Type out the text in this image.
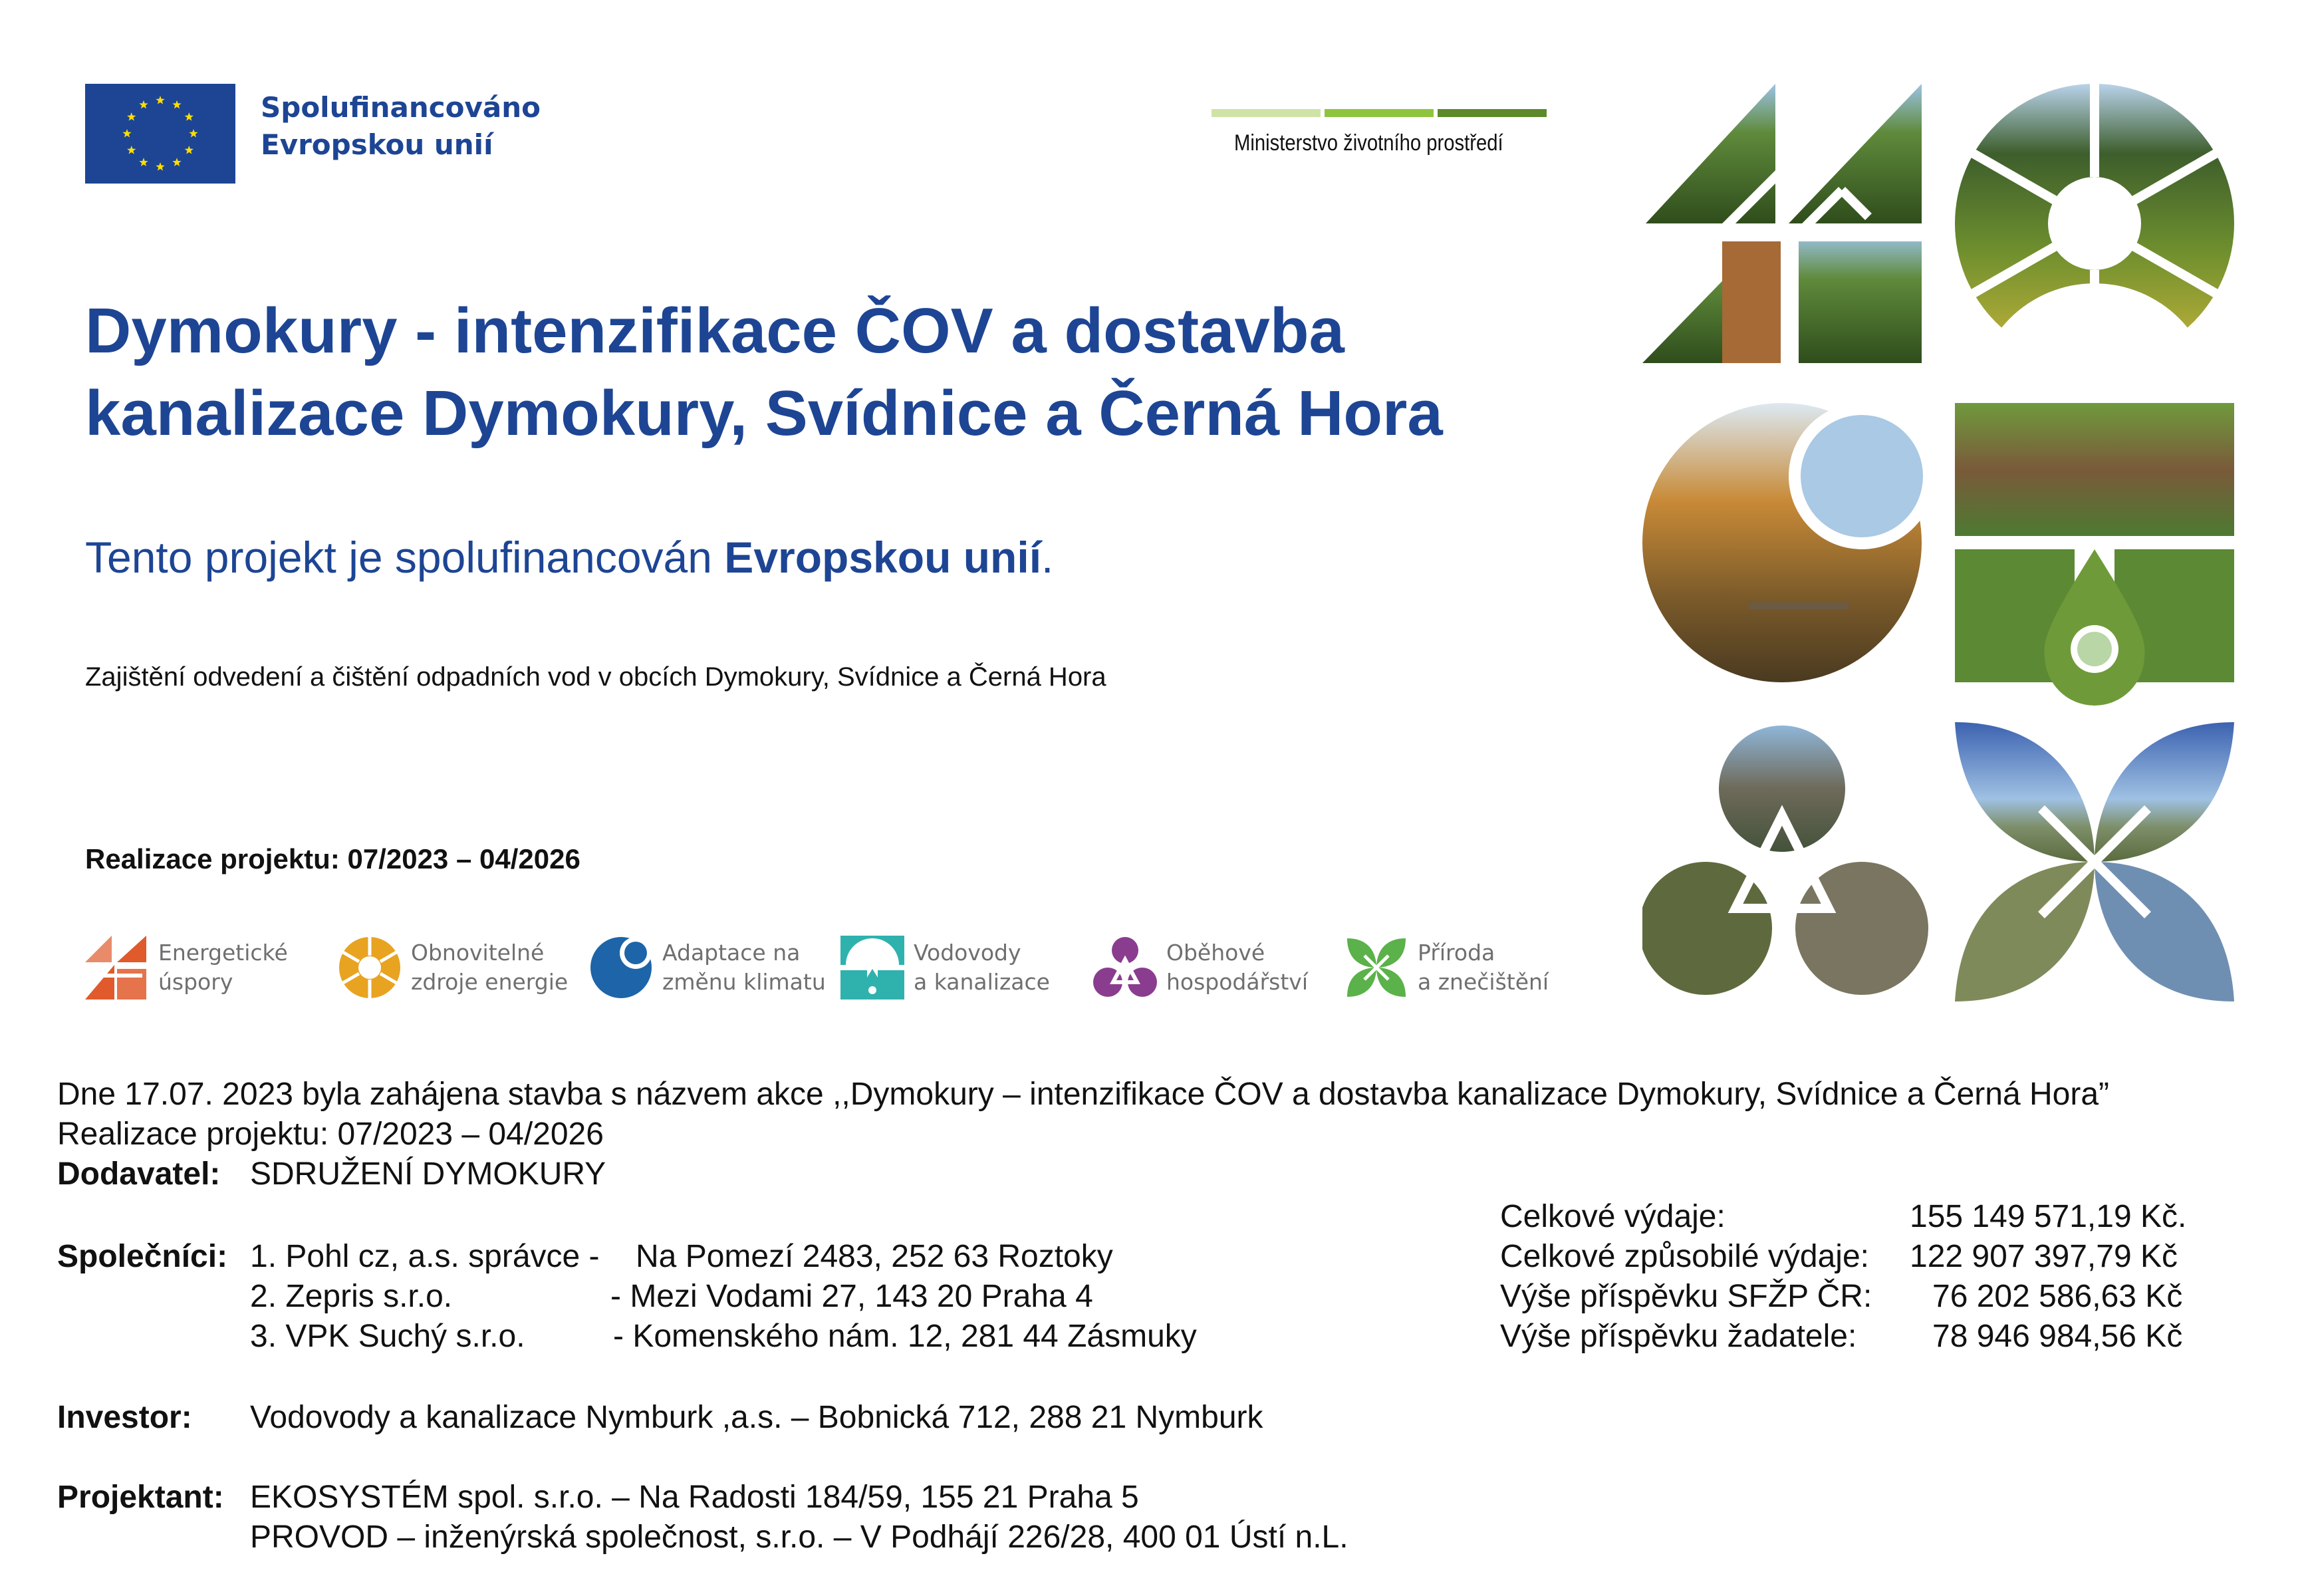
Spolufinancováno
Evropskou unií	Ministerstvo životního prostředí
Dymokury - intenzifikace ČOV a dostavba
kanalizace Dymokury, Svídnice a Černá Hora
Tento projekt je spolufinancován Evropskou unií.
Zajištění odvedení a čištění odpadních vod v obcích Dymokury, Svídnice a Černá Hora
Realizace projektu: 07/2023 – 04/2026
Energetické
úspory
Obnovitelné
zdroje energie
Adaptace na
změnu klimatu
Vodovody
a kanalizace
Oběhové
hospodářství
Příroda
a znečištění
Dne 17.07. 2023 byla zahájena stavba s názvem akce ,,Dymokury – intenzifikace ČOV a dostavba kanalizace Dymokury, Svídnice a Černá Hora”
Realizace projektu: 07/2023 – 04/2026
Dodavatel: SDRUŽENÍ DYMOKURY
Společníci: 1. Pohl cz, a.s. správce - Na Pomezí 2483, 252 63 Roztoky
2. Zepris s.r.o.	- Mezi Vodami 27, 143 20 Praha 4
3. VPK Suchý s.r.o.	- Komenského nám. 12, 281 44 Zásmuky
Investor: Vodovody a kanalizace Nymburk ,a.s. – Bobnická 712, 288 21 Nymburk
Projektant: EKOSYSTÉM spol. s.r.o. – Na Radosti 184/59, 155 21 Praha 5
PROVOD – inženýrská společnost, s.r.o. – V Podhájí 226/28, 400 01 Ústí n.L.
Celkové výdaje:	155 149 571,19 Kč.
Celkové způsobilé výdaje: 122 907 397,79 Kč
Výše příspěvku SFŽP ČR: 76 202 586,63 Kč
Výše příspěvku žadatele: 78 946 984,56 Kč
